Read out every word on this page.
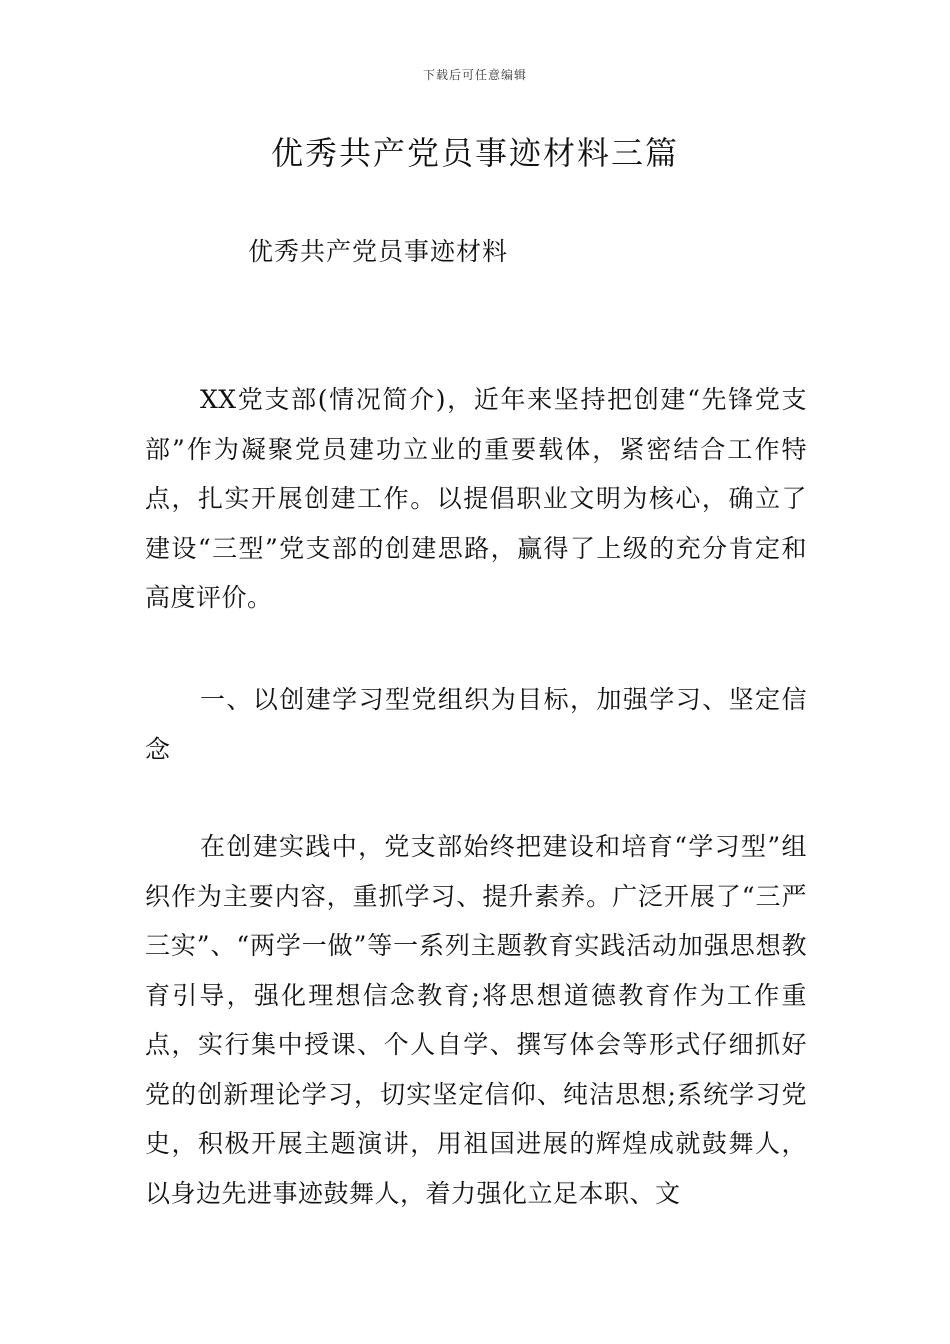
下载后可任意编辑
优秀共产党员事迹材料三篇
优秀共产党员事迹材料

XX党支部(情况简介)，近年来坚持把创建“先锋党支部”作为凝聚党员建功立业的重要载体，紧密结合工作特点，扎实开展创建工作。以提倡职业文明为核心，确立了建设“三型”党支部的创建思路，赢得了上级的充分肯定和高度评价。

一、以创建学习型党组织为目标，加强学习、坚定信念

在创建实践中，党支部始终把建设和培育“学习型”组织作为主要内容，重抓学习、提升素养。广泛开展了“三严三实”、“两学一做”等一系列主题教育实践活动加强思想教育引导，强化理想信念教育;将思想道德教育作为工作重点，实行集中授课、个人自学、撰写体会等形式仔细抓好党的创新理论学习，切实坚定信仰、纯洁思想;系统学习党史，积极开展主题演讲，用祖国进展的辉煌成就鼓舞人，以身边先进事迹鼓舞人，着力强化立足本职、文
